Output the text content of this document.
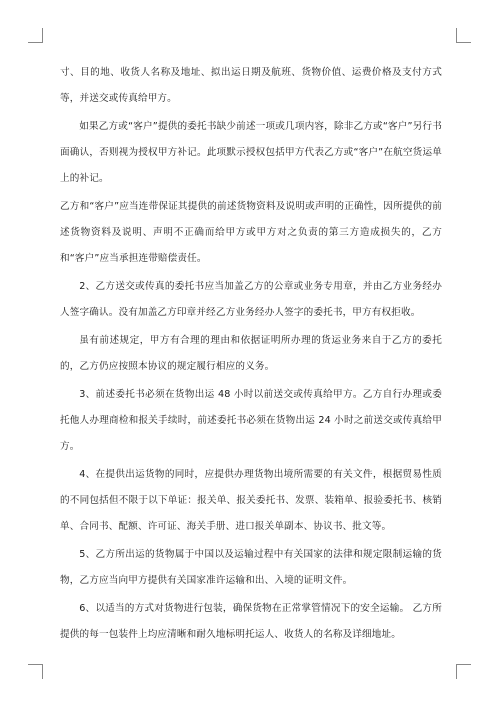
寸、目的地、收货人名称及地址、拟出运日期及航班、货物价值、运费价格及支付方式等，并送交或传真给甲方。

如果乙方或“客户”提供的委托书缺少前述一项或几项内容，除非乙方或“客户”另行书面确认，否则视为授权甲方补记。此项默示授权包括甲方代表乙方或“客户”在航空货运单上的补记。

乙方和“客户”应当连带保证其提供的前述货物资料及说明或声明的正确性，因所提供的前述货物资料及说明、声明不正确而给甲方或甲方对之负责的第三方造成损失的，乙方和“客户”应当承担连带赔偿责任。

2、乙方送交或传真的委托书应当加盖乙方的公章或业务专用章，并由乙方业务经办人签字确认。没有加盖乙方印章并经乙方业务经办人签字的委托书，甲方有权拒收。

虽有前述规定，甲方有合理的理由和依据证明所办理的货运业务来自于乙方的委托的，乙方仍应按照本协议的规定履行相应的义务。

3、前述委托书必须在货物出运 48 小时以前送交或传真给甲方。乙方自行办理或委托他人办理商检和报关手续时，前述委托书必须在货物出运 24 小时之前送交或传真给甲方。

4、在提供出运货物的同时，应提供办理货物出境所需要的有关文件，根据贸易性质的不同包括但不限于以下单证：报关单、报关委托书、发票、装箱单、报验委托书、核销单、合同书、配额、许可证、海关手册、进口报关单副本、协议书、批文等。

5、乙方所出运的货物属于中国以及运输过程中有关国家的法律和规定限制运输的货物，乙方应当向甲方提供有关国家准许运输和出、入境的证明文件。

6、以适当的方式对货物进行包装，确保货物在正常掌管情况下的安全运输。 乙方所提供的每一包装件上均应清晰和耐久地标明托运人、收货人的名称及详细地址。
